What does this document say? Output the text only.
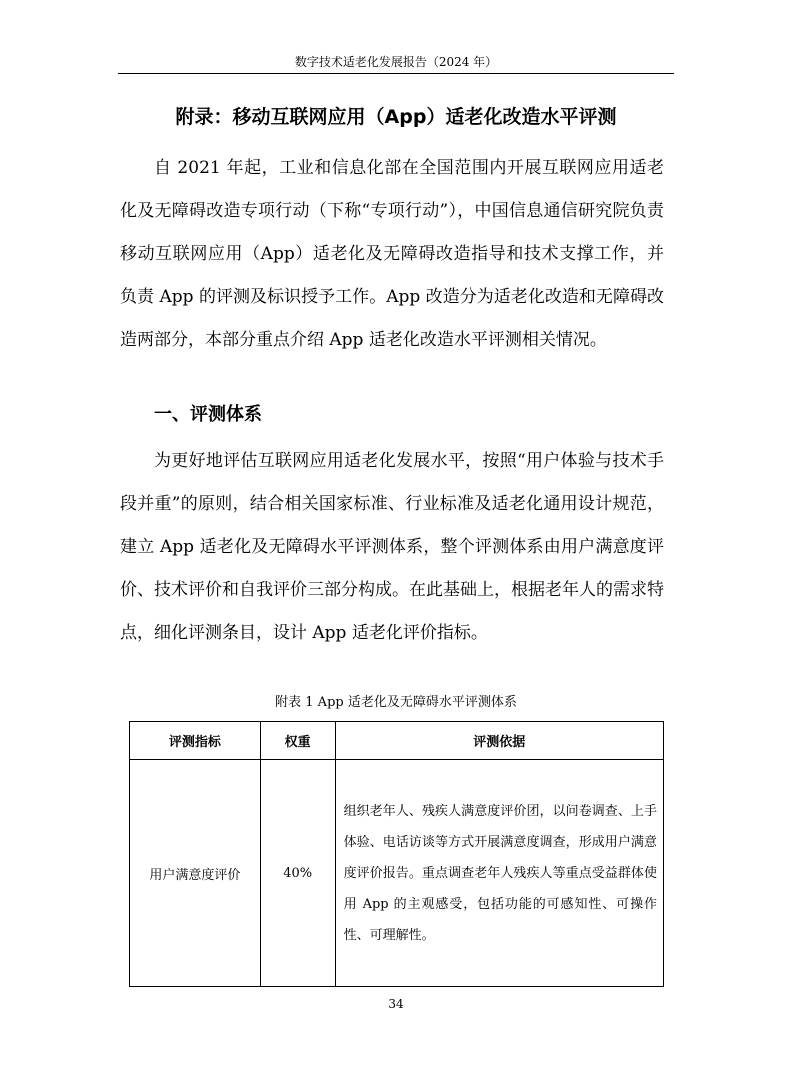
数字技术适老化发展报告（2024 年）
附录：移动互联网应用（App）适老化改造水平评测

自 2021 年起，工业和信息化部在全国范围内开展互联网应用适老化及无障碍改造专项行动（下称“专项行动”），中国信息通信研究院负责移动互联网应用（App）适老化及无障碍改造指导和技术支撑工作，并负责 App 的评测及标识授予工作。App 改造分为适老化改造和无障碍改造两部分，本部分重点介绍 App 适老化改造水平评测相关情况。

一、评测体系

为更好地评估互联网应用适老化发展水平，按照“用户体验与技术手段并重”的原则，结合相关国家标准、行业标准及适老化通用设计规范，建立 App 适老化及无障碍水平评测体系，整个评测体系由用户满意度评价、技术评价和自我评价三部分构成。在此基础上，根据老年人的需求特点，细化评测条目，设计 App 适老化评价指标。

附表 1 App 适老化及无障碍水平评测体系
评测指标	权重	评测依据
用户满意度评价	40%	组织老年人、残疾人满意度评价团，以问卷调查、上手体验、电话访谈等方式开展满意度调查，形成用户满意度评价报告。重点调查老年人残疾人等重点受益群体使用 App 的主观感受，包括功能的可感知性、可操作性、可理解性。
34
